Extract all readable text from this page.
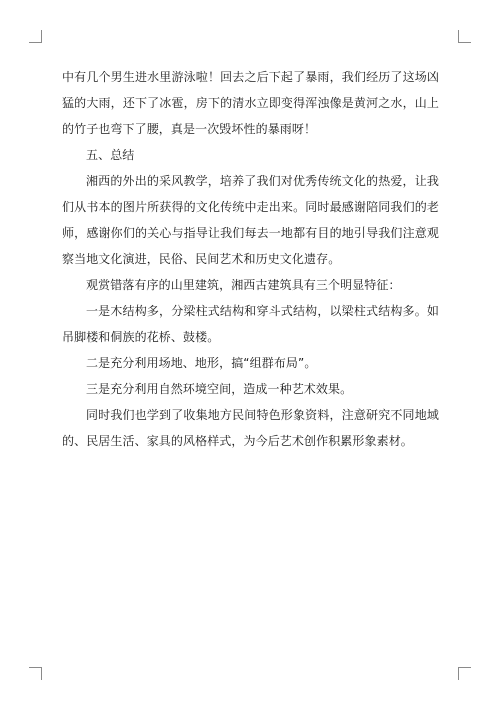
中有几个男生进水里游泳啦！回去之后下起了暴雨，我们经历了这场凶猛的大雨，还下了冰雹，房下的清水立即变得浑浊像是黄河之水，山上的竹子也弯下了腰，真是一次毁坏性的暴雨呀！

五、总结

湘西的外出的采风教学，培养了我们对优秀传统文化的热爱，让我们从书本的图片所获得的文化传统中走出来。同时最感谢陪同我们的老师，感谢你们的关心与指导让我们每去一地都有目的地引导我们注意观察当地文化演进，民俗、民间艺术和历史文化遗存。

观赏错落有序的山里建筑，湘西古建筑具有三个明显特征：

一是木结构多，分梁柱式结构和穿斗式结构，以梁柱式结构多。如吊脚楼和侗族的花桥、鼓楼。

二是充分利用场地、地形，搞“组群布局”。

三是充分利用自然环境空间，造成一种艺术效果。

同时我们也学到了收集地方民间特色形象资料，注意研究不同地域的、民居生活、家具的风格样式，为今后艺术创作积累形象素材。
